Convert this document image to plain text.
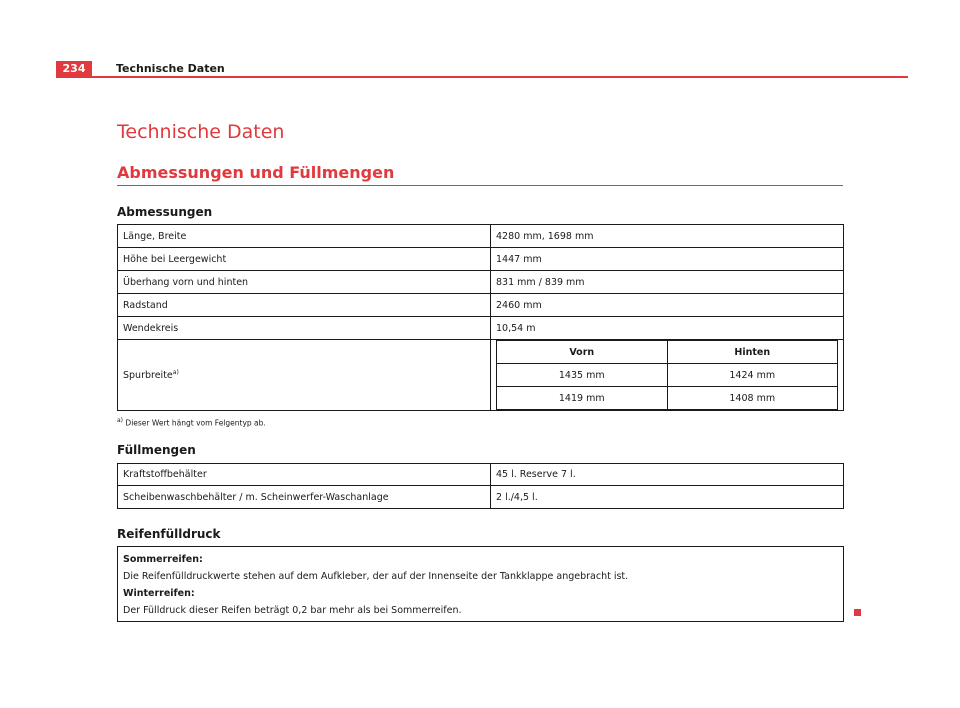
234	Technische Daten
Technische Daten
Abmessungen und Füllmengen
Abmessungen
Länge, Breite	4280 mm, 1698 mm
Höhe bei Leergewicht	1447 mm
Überhang vorn und hinten	831 mm / 839 mm
Radstand	2460 mm
Wendekreis	10,54 m
Spurbreite$^{a)}$	
Vorn	Hinten
1435 mm	1424 mm
1419 mm	1408 mm
$^{a)}$ Dieser Wert hängt vom Felgentyp ab.
Füllmengen
Kraftstoffbehälter	45 l. Reserve 7 l.
Scheibenwaschbehälter / m. Scheinwerfer-Waschanlage	2 l./4,5 l.
Reifenfülldruck
Sommerreifen:
Die Reifenfülldruckwerte stehen auf dem Aufkleber, der auf der Innenseite der Tankklappe angebracht ist.
Winterreifen:
Der Fülldruck dieser Reifen beträgt 0,2 bar mehr als bei Sommerreifen.
